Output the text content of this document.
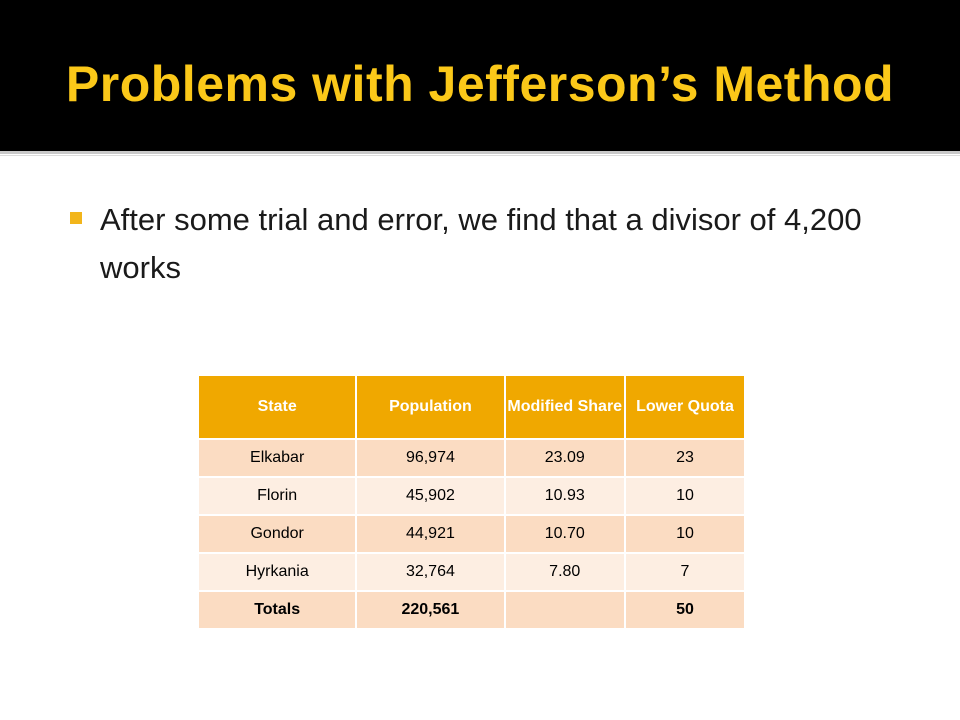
Problems with Jefferson’s Method
After some trial and error, we find that a divisor of 4,200 works
State	Population	Modified Share	Lower Quota
Elkabar	96,974	23.09	23
Florin	45,902	10.93	10
Gondor	44,921	10.70	10
Hyrkania	32,764	7.80	7
Totals	220,561		50
